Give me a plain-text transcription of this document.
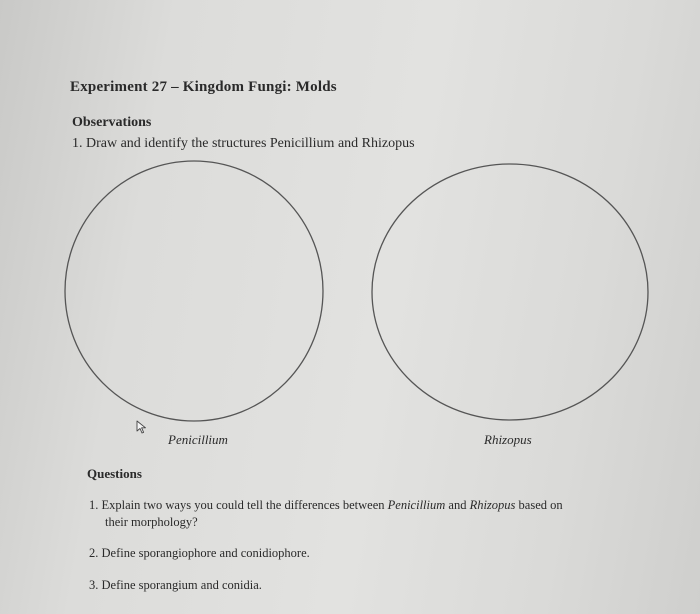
Experiment 27 – Kingdom Fungi: Molds
Observations
1. Draw and identify the structures Penicillium and Rhizopus
Penicillium	Rhizopus
Questions
1. Explain two ways you could tell the differences between Penicillium and Rhizopus based on
their morphology?
2. Define sporangiophore and conidiophore.
3. Define sporangium and conidia.
